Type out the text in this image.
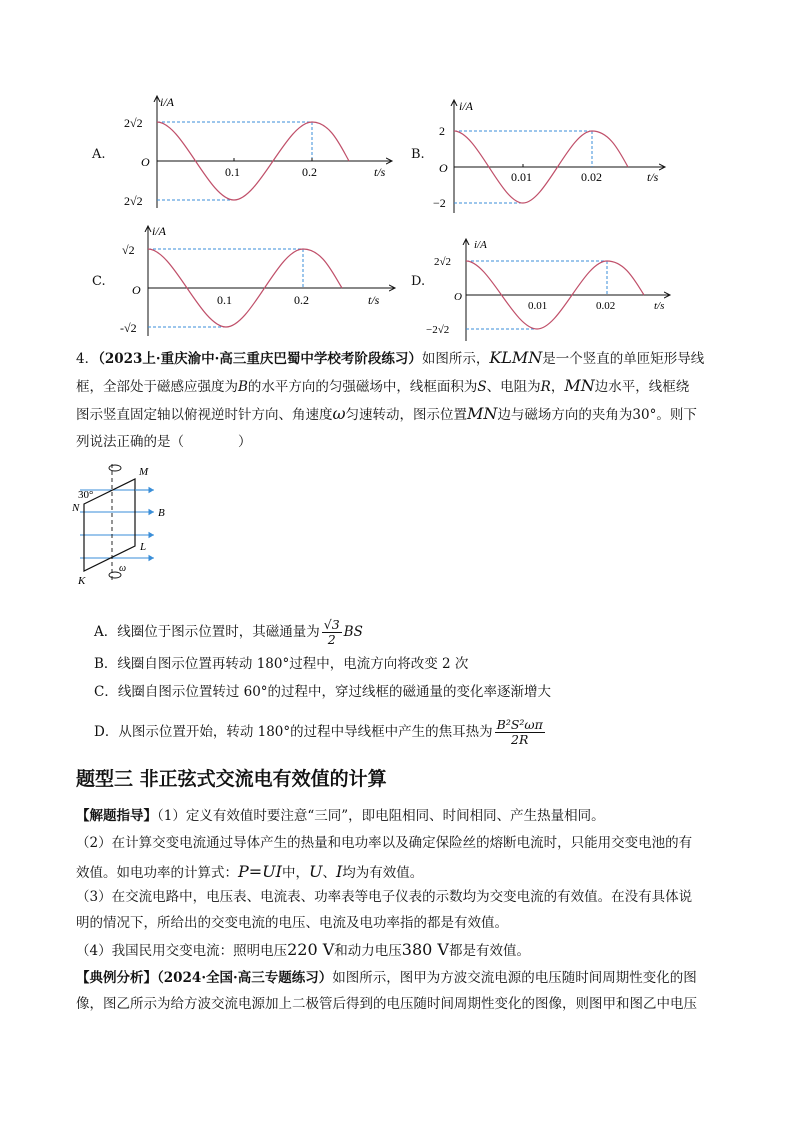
A.
i/A
t/s
O
2√2
2√2
0.1	0.2
B.
i/A
t/s
O
2
−2
0.01	0.02
C.
i/A
t/s
O
√2
-√2
0.1	0.2
D.
i/A
t/s
O
2√2
−2√2
0.01	0.02
4．（2023上·重庆渝中·高三重庆巴蜀中学校考阶段练习）如图所示，KLMN是一个竖直的单匝矩形导线
框，全部处于磁感应强度为B的水平方向的匀强磁场中，线框面积为S、电阻为R，MN边水平，线框绕
图示竖直固定轴以俯视逆时针方向、角速度ω匀速转动，图示位置MN边与磁场方向的夹角为30°。则下
列说法正确的是（　　　　）
M
N
L
K
B
30°
ω
A．线圈位于图示位置时，其磁通量为 $\frac{√3}{2}$ BS
B．线圈自图示位置再转动 180°过程中，电流方向将改变 2 次
C．线圈自图示位置转过 60°的过程中，穿过线框的磁通量的变化率逐渐增大
D．从图示位置开始，转动 180°的过程中导线框中产生的焦耳热为 $\frac{\text{B²S²ωπ}}{2R}$
题型三 非正弦式交流电有效值的计算
【解题指导】（1）定义有效值时要注意“三同”，即电阻相同、时间相同、产生热量相同。
（2）在计算交变电流通过导体产生的热量和电功率以及确定保险丝的熔断电流时，只能用交变电池的有
效值。如电功率的计算式：P=UI中，U、I均为有效值。
（3）在交流电路中，电压表、电流表、功率表等电子仪表的示数均为交变电流的有效值。在没有具体说
明的情况下，所给出的交变电流的电压、电流及电功率指的都是有效值。
（4）我国民用交变电流：照明电压220 V和动力电压380 V都是有效值。
【典例分析】（2024·全国·高三专题练习）如图所示，图甲为方波交流电源的电压随时间周期性变化的图
像，图乙所示为给方波交流电源加上二极管后得到的电压随时间周期性变化的图像，则图甲和图乙中电压
